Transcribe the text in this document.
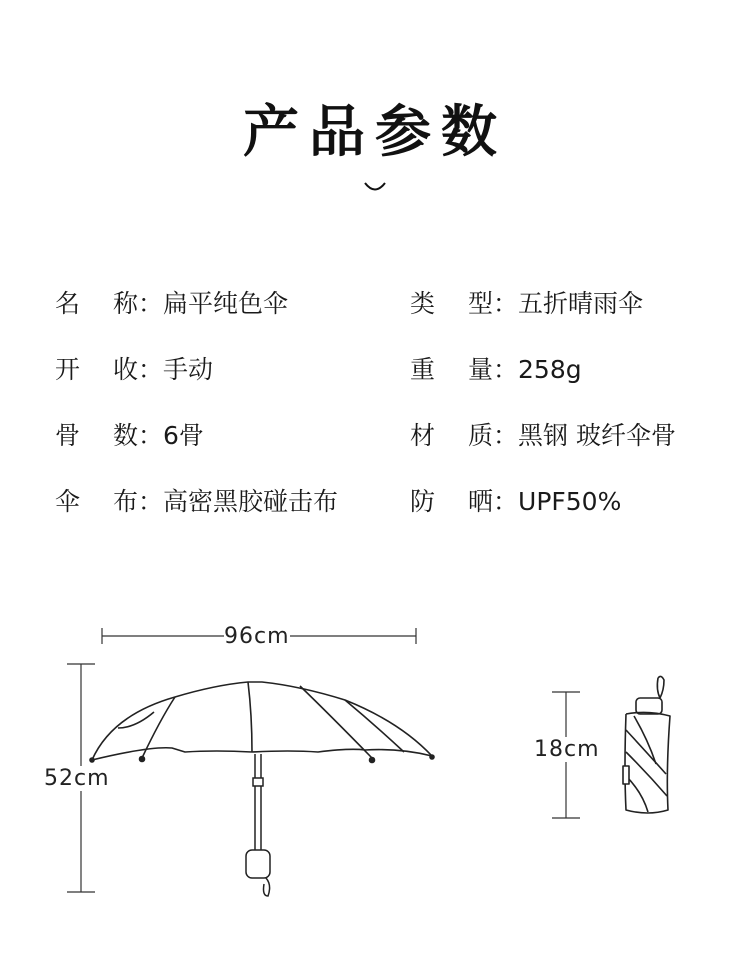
产品参数
名 称：扁平纯色伞	类 型：五折晴雨伞
开 收：手动	重 量：258g
骨 数：6骨	材 质：黑钢 玻纤伞骨
伞 布：高密黑胶碰击布	防 晒：UPF50%
96cm
52cm
18cm
